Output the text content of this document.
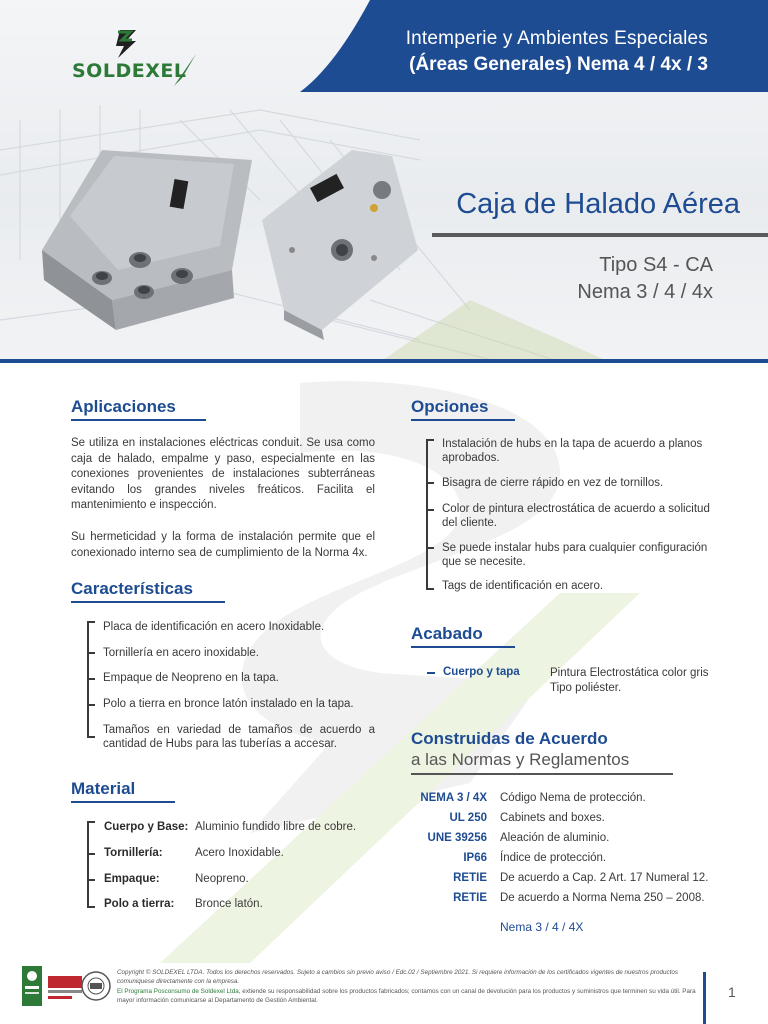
Intemperie y Ambientes Especiales
(Áreas Generales) Nema 4 / 4x / 3
SOLDEXEL
Caja de Halado Aérea
Tipo S4 - CA
Nema 3 / 4 / 4x
Aplicaciones
Se utiliza en instalaciones eléctricas conduit. Se usa como caja de halado, empalme y paso, especialmente en las conexiones provenientes de instalaciones subterráneas evitando los grandes niveles freáticos. Facilita el mantenimiento e inspección.
Su hermeticidad y la forma de instalación permite que el conexionado interno sea de cumplimiento de la Norma 4x.
Características
Placa de identificación en acero Inoxidable.
Tornillería en acero inoxidable.
Empaque de Neopreno en la tapa.
Polo a tierra en bronce latón instalado en la tapa.
Tamaños en variedad de tamaños de acuerdo a cantidad de Hubs para las tuberías a accesar.
Material
Cuerpo y Base: Aluminio fundido libre de cobre.
Tornillería:	Acero Inoxidable.
Empaque:	Neopreno.
Polo a tierra: Bronce latón.
Opciones
Instalación de hubs en la tapa de acuerdo a planos aprobados.
Bisagra de cierre rápido en vez de tornillos.
Color de pintura electrostática de acuerdo a solicitud del cliente.
Se puede instalar hubs para cualquier configuración que se necesite.
Tags de identificación en acero.
Acabado
Cuerpo y tapa	Pintura Electrostática color gris
Tipo poliéster.
Construidas de Acuerdo
a las Normas y Reglamentos
NEMA 3 / 4X Código Nema de protección.
UL 250 Cabinets and boxes.
UNE 39256 Aleación de aluminio.
IP66 Índice de protección.
RETIE De acuerdo a Cap. 2 Art. 17 Numeral 12.
RETIE De acuerdo a Norma Nema 250 – 2008.
Nema 3 / 4 / 4X
Copyright © SOLDEXEL LTDA. Todos los derechos reservados. Sujeto a cambios sin previo aviso / Edc.02 / Septiembre 2021. Si requiere información de los certificados vigentes de nuestros productos comuniquese directamente con la empresa.
El Programa Posconsumo de Soldexel Ltda, extiende su responsabilidad sobre los productos fabricados; contamos con un canal de devolución para los productos y suministros que terminen su vida útil. Para mayor información comunicarse al Departamento de Gestión Ambiental.
1
